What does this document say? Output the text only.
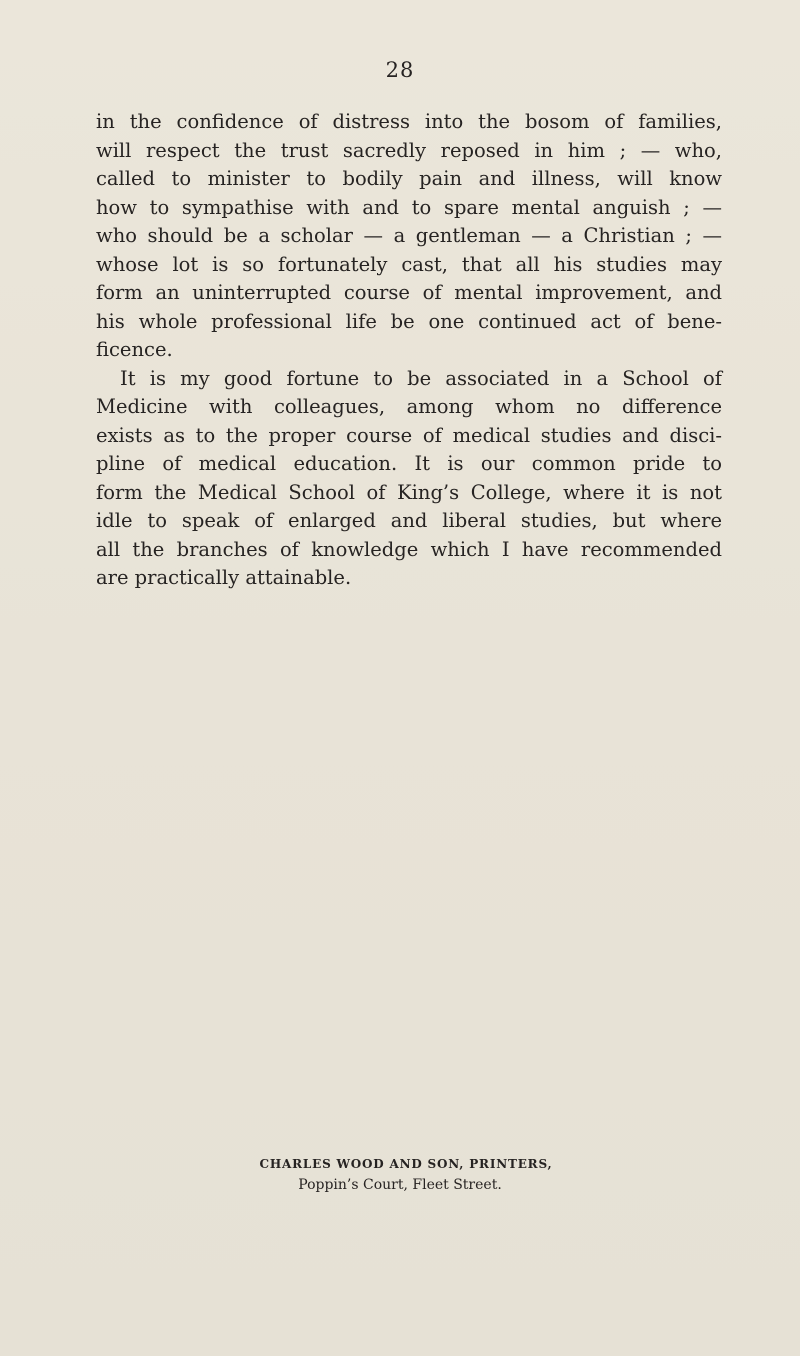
28
in the confidence of distress into the bosom of families,
will respect the trust sacredly reposed in him ; — who,
called to minister to bodily pain and illness, will know
how to sympathise with and to spare mental anguish ; —
who should be a scholar — a gentleman — a Christian ; —
whose lot is so fortunately cast, that all his studies may
form an uninterrupted course of mental improvement, and
his whole professional life be one continued act of bene-
ficence.
It is my good fortune to be associated in a School of
Medicine with colleagues, among whom no difference
exists as to the proper course of medical studies and disci-
pline of medical education. It is our common pride to
form the Medical School of King’s College, where it is not
idle to speak of enlarged and liberal studies, but where
all the branches of knowledge which I have recommended
are practically attainable.
CHARLES WOOD AND SON, PRINTERS,
Poppin’s Court, Fleet Street.
